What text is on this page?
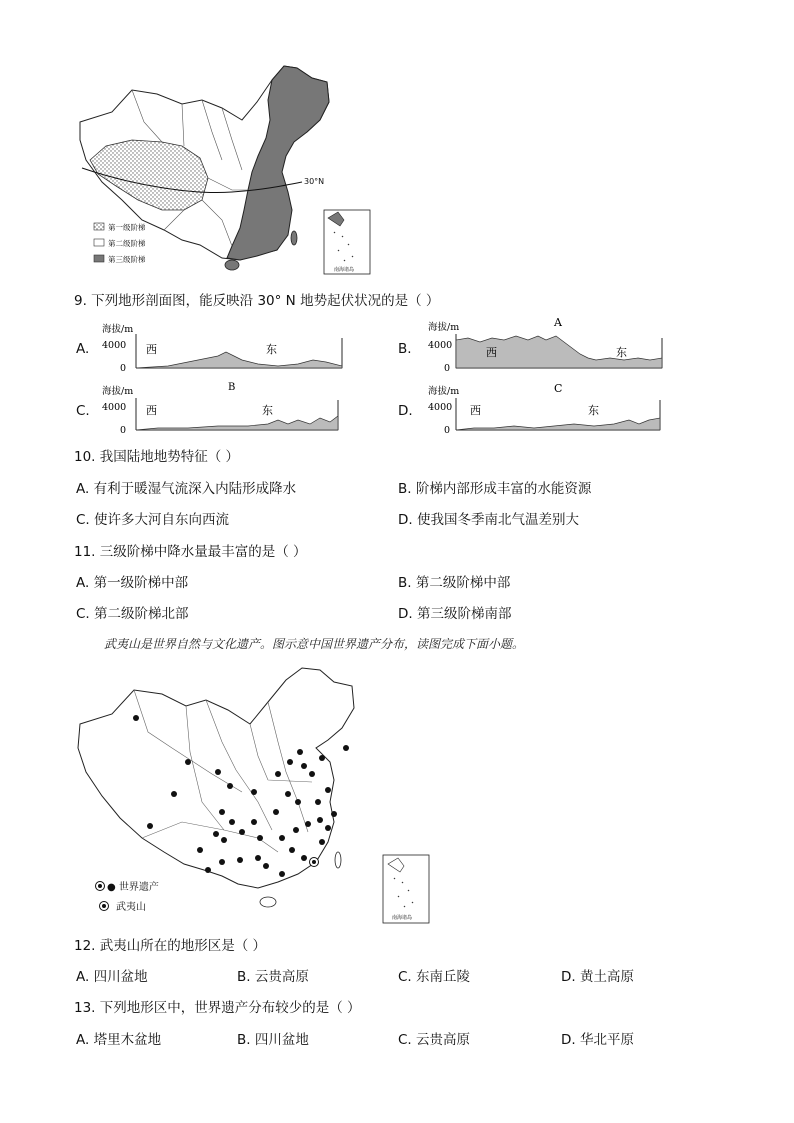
30°N
第一级阶梯
第二级阶梯
第三级阶梯
南海诸岛
9. 下列地形剖面图，能反映沿 30° N 地势起伏状况的是（ ）
A.
海拔/m
4000
0
西	东	B.
A
海拔/m
4000
0
西	东
C.
B
海拔/m
4000
0
西	东	D.
C
海拔/m
4000
0
西	东
10. 我国陆地地势特征（ ）
A. 有利于暖湿气流深入内陆形成降水	B. 阶梯内部形成丰富的水能资源
C. 使许多大河自东向西流	D. 使我国冬季南北气温差别大
11. 三级阶梯中降水量最丰富的是（ ）
A. 第一级阶梯中部	B. 第二级阶梯中部
C. 第二级阶梯北部	D. 第三级阶梯南部
武夷山是世界自然与文化遗产。图示意中国世界遗产分布，读图完成下面小题。
● 世界遗产
武夷山
南海诸岛
12. 武夷山所在的地形区是（ ）
A. 四川盆地	B. 云贵高原	C. 东南丘陵	D. 黄土高原
13. 下列地形区中，世界遗产分布较少的是（ ）
A. 塔里木盆地	B. 四川盆地	C. 云贵高原	D. 华北平原
